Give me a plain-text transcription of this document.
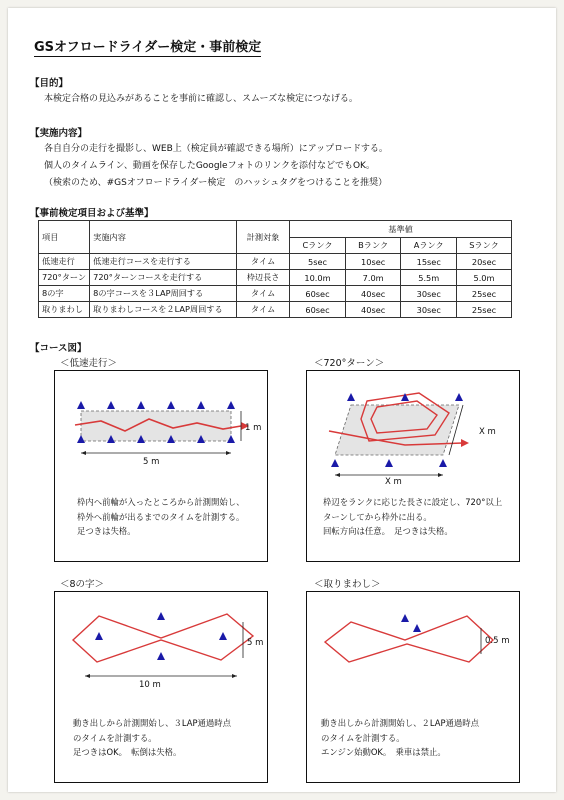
GSオフロードライダー検定・事前検定
【目的】
本検定合格の見込みがあることを事前に確認し、スムーズな検定につなげる。
【実施内容】
各自自分の走行を撮影し、WEB上（検定員が確認できる場所）にアップロードする。
個人のタイムライン、動画を保存したGoogleフォトのリンクを添付などでもOK。
（検索のため、#GSオフロードライダー検定　のハッシュタグをつけることを推奨）
【事前検定項目および基準】
項目	実施内容	計測対象	基準値			
			Cランク	Bランク	Aランク	Sランク
低速走行	低速走行コースを走行する	タイム	5sec	10sec	15sec	20sec
720°ターン	720°ターンコースを走行する	枠辺長さ	10.0m	7.0m	5.5m	5.0m
8の字	8の字コースを３LAP周回する	タイム	60sec	40sec	30sec	25sec
取りまわし	取りまわしコースを２LAP周回する	タイム	60sec	40sec	30sec	25sec
【コース図】
＜低速走行＞
1 m
5 m
枠内へ前輪が入ったところから計測開始し、
枠外へ前輪が出るまでのタイムを計測する。
足つきは失格。
＜720°ターン＞
X m
X m
枠辺をランクに応じた長さに設定し、720°以上
ターンしてから枠外に出る。
回転方向は任意。　足つきは失格。
＜8の字＞
5 m
10 m
動き出しから計測開始し、３LAP通過時点
のタイムを計測する。
足つきはOK。　転倒は失格。
＜取りまわし＞
0.5 m
動き出しから計測開始し、２LAP通過時点
のタイムを計測する。
エンジン始動OK。　乗車は禁止。
